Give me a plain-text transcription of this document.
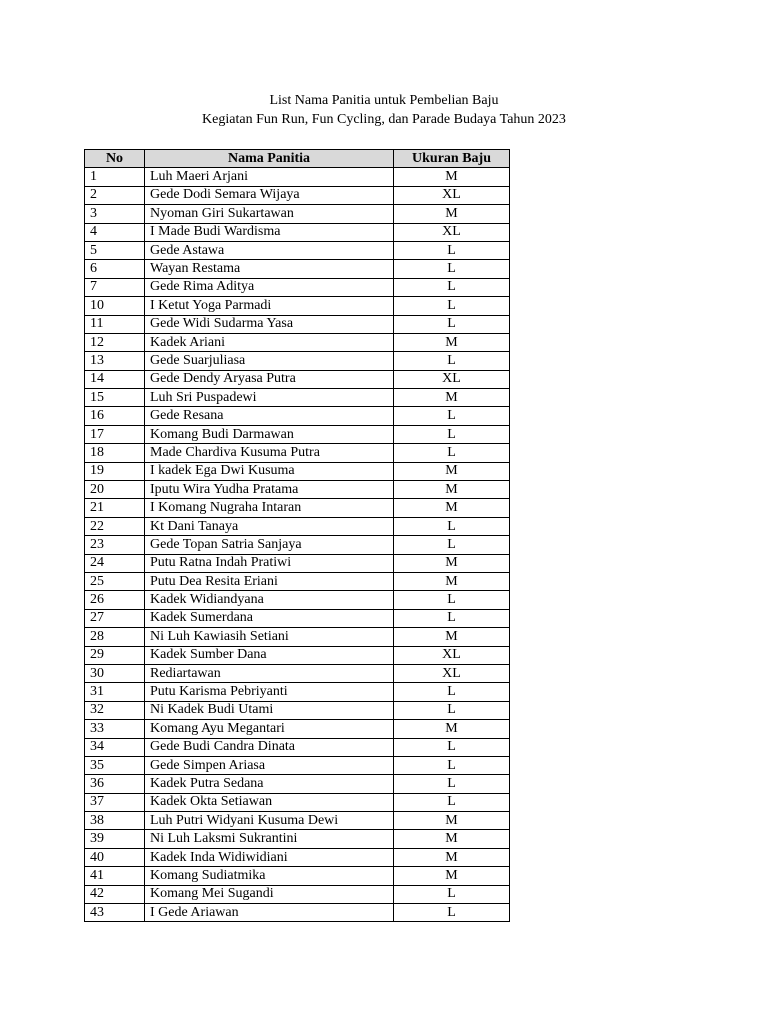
List Nama Panitia untuk Pembelian Baju
Kegiatan Fun Run, Fun Cycling, dan Parade Budaya Tahun 2023
No	Nama Panitia	Ukuran Baju
1	Luh Maeri Arjani	M
2	Gede Dodi Semara Wijaya	XL
3	Nyoman Giri Sukartawan	M
4	I Made Budi Wardisma	XL
5	Gede Astawa	L
6	Wayan Restama	L
7	Gede Rima Aditya	L
10	I Ketut Yoga Parmadi	L
11	Gede Widi Sudarma Yasa	L
12	Kadek Ariani	M
13	Gede Suarjuliasa	L
14	Gede Dendy Aryasa Putra	XL
15	Luh Sri Puspadewi	M
16	Gede Resana	L
17	Komang Budi Darmawan	L
18	Made Chardiva Kusuma Putra	L
19	I kadek Ega Dwi Kusuma	M
20	Iputu Wira Yudha Pratama	M
21	I Komang Nugraha Intaran	M
22	Kt Dani Tanaya	L
23	Gede Topan Satria Sanjaya	L
24	Putu Ratna Indah Pratiwi	M
25	Putu Dea Resita Eriani	M
26	Kadek Widiandyana	L
27	Kadek Sumerdana	L
28	Ni Luh Kawiasih Setiani	M
29	Kadek Sumber Dana	XL
30	Rediartawan	XL
31	Putu Karisma Pebriyanti	L
32	Ni Kadek Budi Utami	L
33	Komang Ayu Megantari	M
34	Gede Budi Candra Dinata	L
35	Gede Simpen Ariasa	L
36	Kadek Putra Sedana	L
37	Kadek Okta Setiawan	L
38	Luh Putri Widyani Kusuma Dewi	M
39	Ni Luh Laksmi Sukrantini	M
40	Kadek Inda Widiwidiani	M
41	Komang Sudiatmika	M
42	Komang Mei Sugandi	L
43	I Gede Ariawan	L
